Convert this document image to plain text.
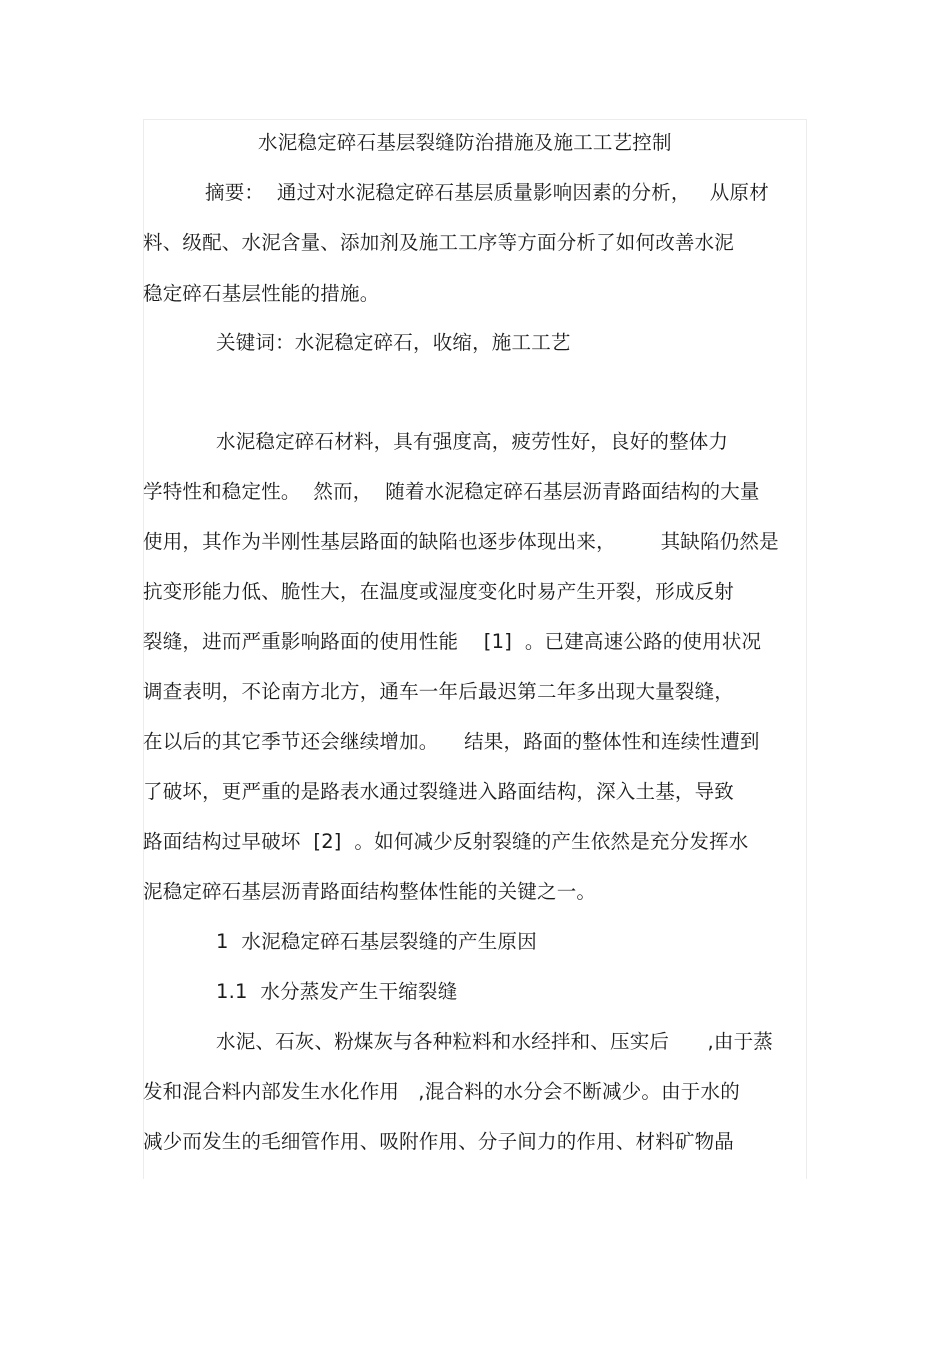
水泥稳定碎石基层裂缝防治措施及施工工艺控制
摘要：  通过对水泥稳定碎石基层质量影响因素的分析，   从原材
料、级配、水泥含量、添加剂及施工工序等方面分析了如何改善水泥
稳定碎石基层性能的措施。
关键词：水泥稳定碎石，收缩，施工工艺
水泥稳定碎石材料，具有强度高，疲劳性好，良好的整体力
学特性和稳定性。  然而，  随着水泥稳定碎石基层沥青路面结构的大量
使用，其作为半刚性基层路面的缺陷也逐步体现出来，       其缺陷仍然是
抗变形能力低、脆性大，在温度或湿度变化时易产生开裂，形成反射
裂缝，进而严重影响路面的使用性能    [1]  。已建高速公路的使用状况
调查表明，不论南方北方，通车一年后最迟第二年多出现大量裂缝，
在以后的其它季节还会继续增加。    结果，路面的整体性和连续性遭到
了破坏，更严重的是路表水通过裂缝进入路面结构，深入土基，导致
路面结构过早破坏  [2]  。如何减少反射裂缝的产生依然是充分发挥水
泥稳定碎石基层沥青路面结构整体性能的关键之一。
1  水泥稳定碎石基层裂缝的产生原因
1.1  水分蒸发产生干缩裂缝
水泥、石灰、粉煤灰与各种粒料和水经拌和、压实后      ,由于蒸
发和混合料内部发生水化作用   ,混合料的水分会不断减少。由于水的
减少而发生的毛细管作用、吸附作用、分子间力的作用、材料矿物晶
